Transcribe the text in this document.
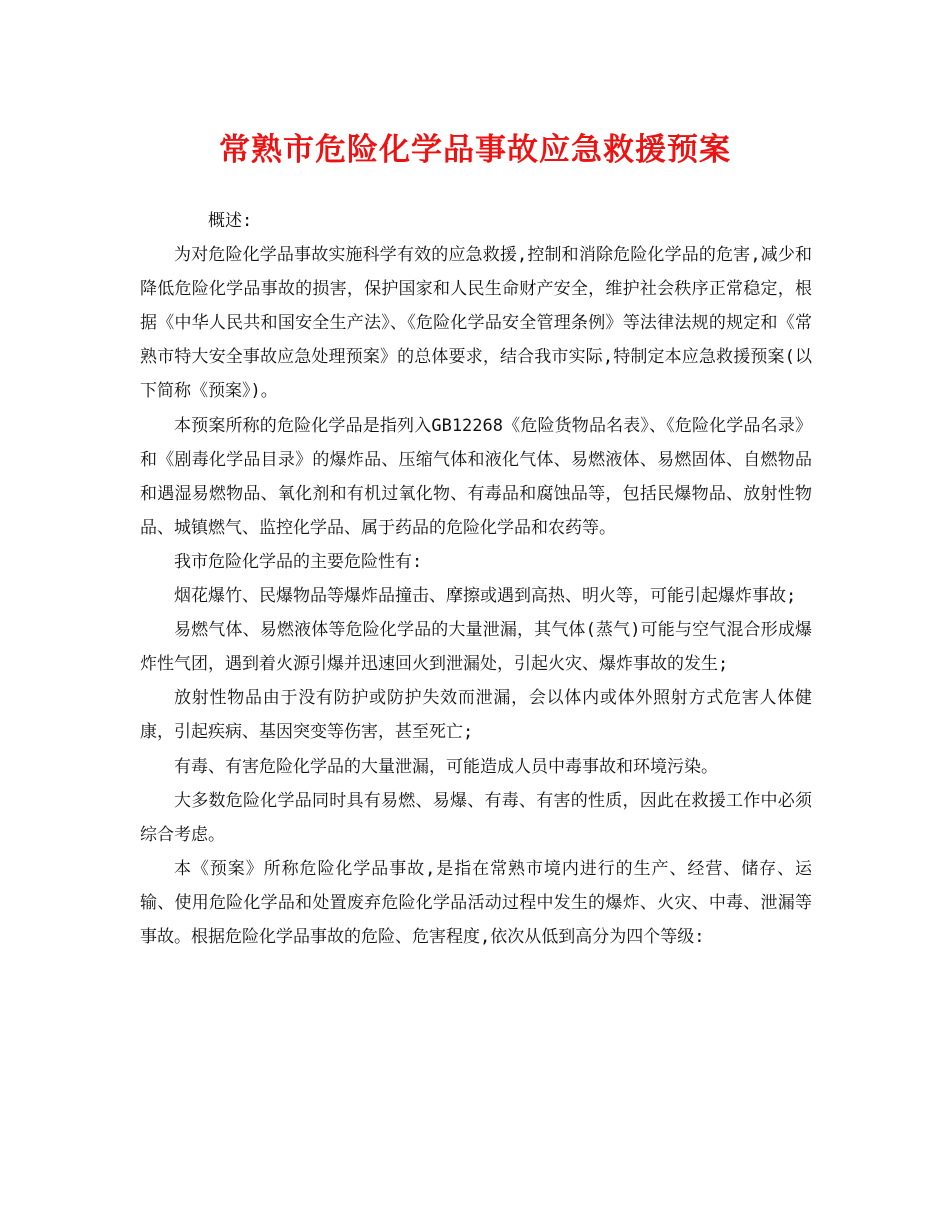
常熟市危险化学品事故应急救援预案

概述:

为对危险化学品事故实施科学有效的应急救援,控制和消除危险化学品的危害,减少和降低危险化学品事故的损害，保护国家和人民生命财产安全，维护社会秩序正常稳定，根据《中华人民共和国安全生产法》、《危险化学品安全管理条例》等法律法规的规定和《常熟市特大安全事故应急处理预案》的总体要求，结合我市实际,特制定本应急救援预案(以下简称《预案》)。

本预案所称的危险化学品是指列入GB12268《危险货物品名表》、《危险化学品名录》和《剧毒化学品目录》的爆炸品、压缩气体和液化气体、易燃液体、易燃固体、自燃物品和遇湿易燃物品、氧化剂和有机过氧化物、有毒品和腐蚀品等，包括民爆物品、放射性物品、城镇燃气、监控化学品、属于药品的危险化学品和农药等。

我市危险化学品的主要危险性有:

烟花爆竹、民爆物品等爆炸品撞击、摩擦或遇到高热、明火等，可能引起爆炸事故;

易燃气体、易燃液体等危险化学品的大量泄漏，其气体(蒸气)可能与空气混合形成爆炸性气团，遇到着火源引爆并迅速回火到泄漏处，引起火灾、爆炸事故的发生;

放射性物品由于没有防护或防护失效而泄漏，会以体内或体外照射方式危害人体健康，引起疾病、基因突变等伤害，甚至死亡;

有毒、有害危险化学品的大量泄漏，可能造成人员中毒事故和环境污染。

大多数危险化学品同时具有易燃、易爆、有毒、有害的性质，因此在救援工作中必须综合考虑。

本《预案》所称危险化学品事故,是指在常熟市境内进行的生产、经营、储存、运输、使用危险化学品和处置废弃危险化学品活动过程中发生的爆炸、火灾、中毒、泄漏等事故。根据危险化学品事故的危险、危害程度,依次从低到高分为四个等级:
